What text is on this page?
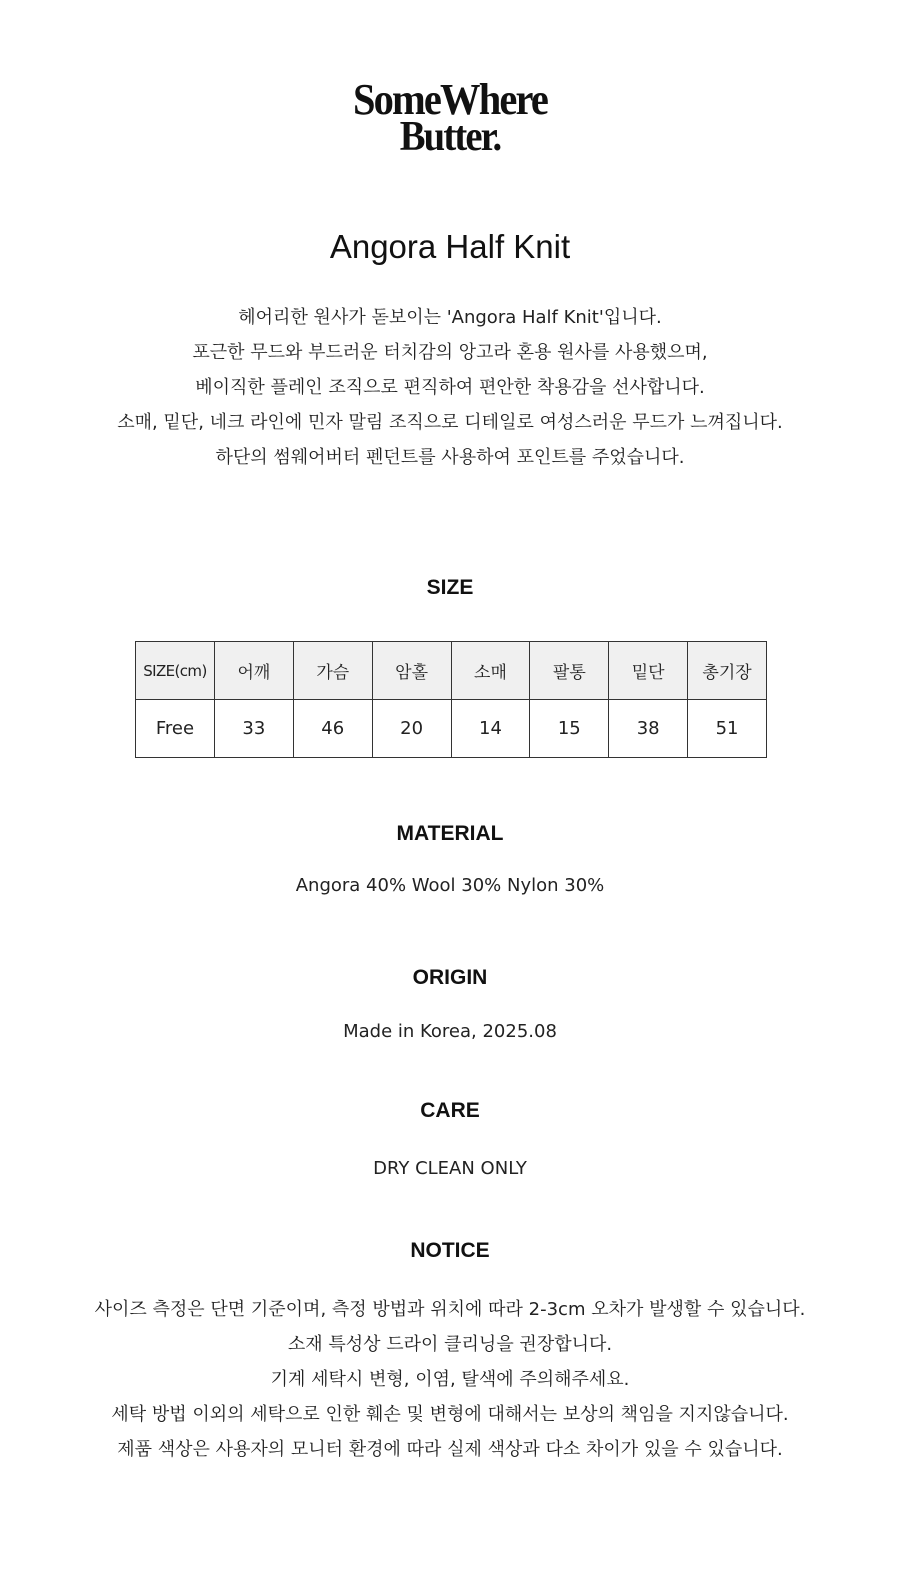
SomeWhere
Butter.
Angora Half Knit
헤어리한 원사가 돋보이는 'Angora Half Knit'입니다.
포근한 무드와 부드러운 터치감의 앙고라 혼용 원사를 사용했으며,
베이직한 플레인 조직으로 편직하여 편안한 착용감을 선사합니다.
소매, 밑단, 네크 라인에 민자 말림 조직으로 디테일로 여성스러운 무드가 느껴집니다.
하단의 썸웨어버터 펜던트를 사용하여 포인트를 주었습니다.
SIZE
SIZE(cm)	어깨	가슴	암홀	소매	팔통	밑단	총기장
Free	33	46	20	14	15	38	51
MATERIAL
Angora 40% Wool 30% Nylon 30%
ORIGIN
Made in Korea, 2025.08
CARE
DRY CLEAN ONLY
NOTICE
사이즈 측정은 단면 기준이며, 측정 방법과 위치에 따라 2-3cm 오차가 발생할 수 있습니다.
소재 특성상 드라이 클리닝을 권장합니다.
기계 세탁시 변형, 이염, 탈색에 주의해주세요.
세탁 방법 이외의 세탁으로 인한 훼손 및 변형에 대해서는 보상의 책임을 지지않습니다.
제품 색상은 사용자의 모니터 환경에 따라 실제 색상과 다소 차이가 있을 수 있습니다.
